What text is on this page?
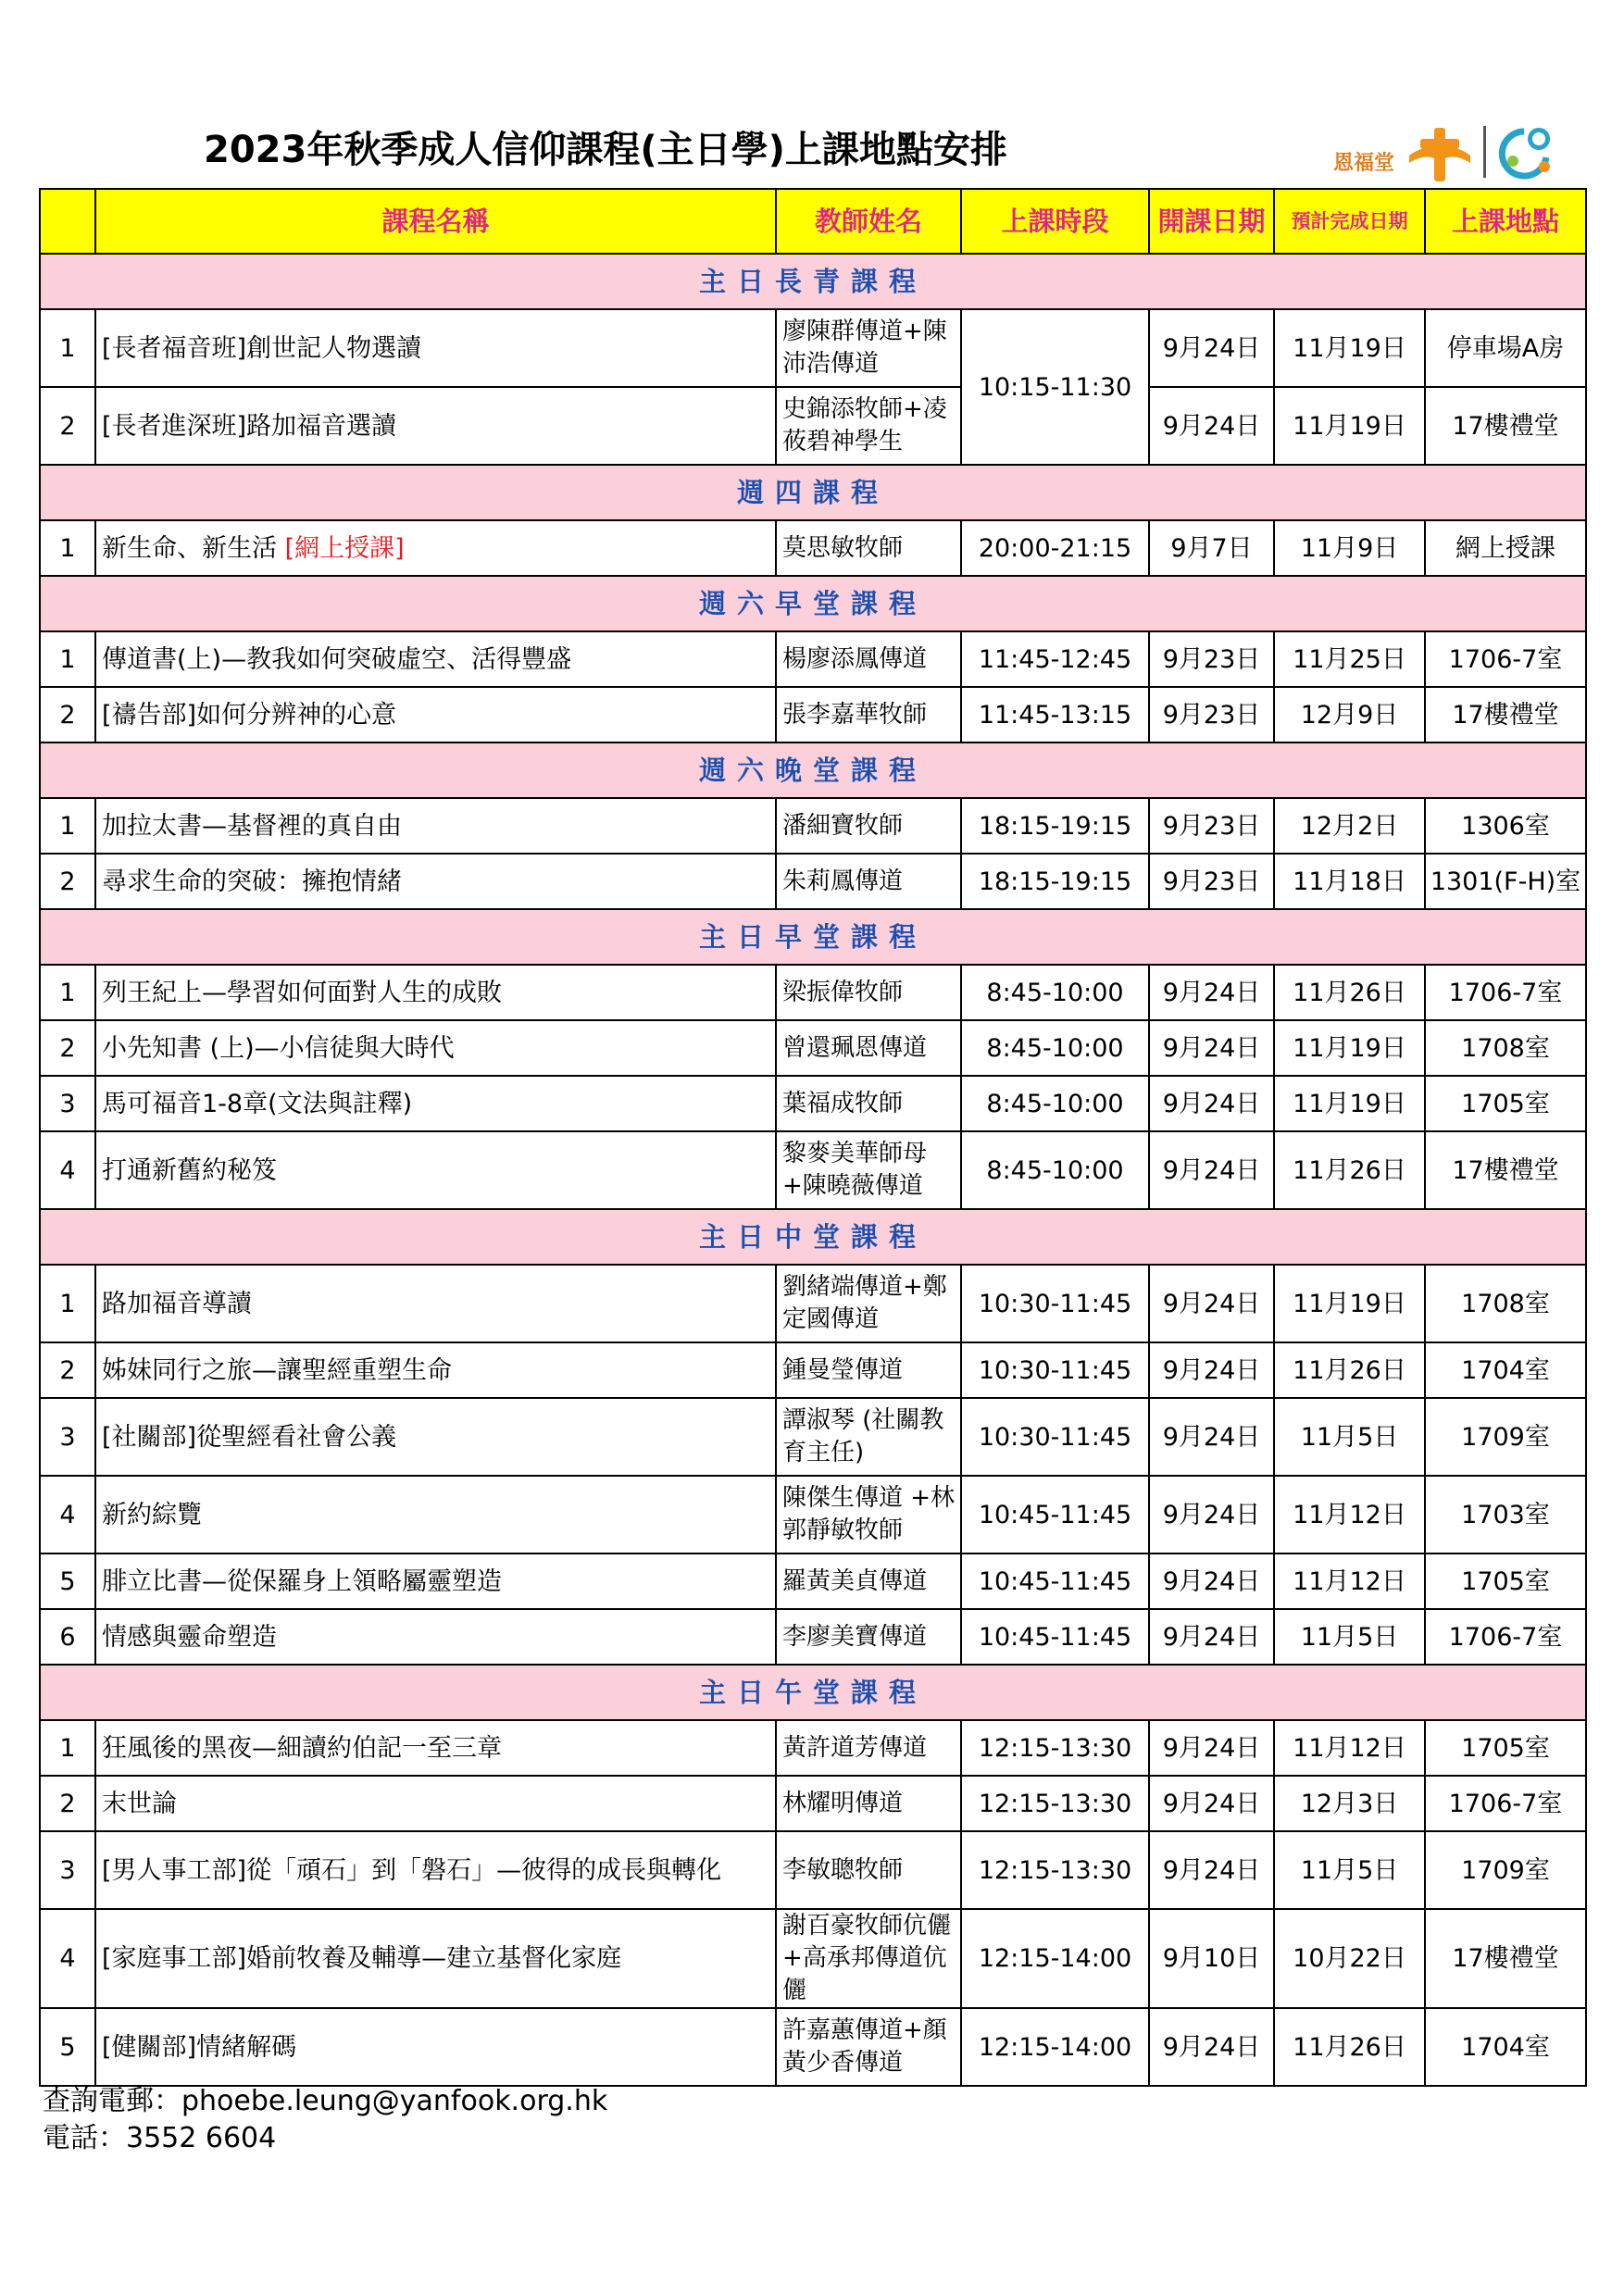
2023年秋季成人信仰課程(主日學)上課地點安排	恩福堂
	課程名稱	教師姓名	上課時段	開課日期	預計完成日期	上課地點
主日長青課程						
1	[長者福音班]創世記人物選讀	廖陳群傳道+陳沛浩傳道	10:15-11:30	9月24日	11月19日	停車場A房
2	[長者進深班]路加福音選讀	史錦添牧師+凌莜碧神學生		9月24日	11月19日	17樓禮堂
週四課程						
1	新生命、新生活 [網上授課]	莫思敏牧師	20:00-21:15	9月7日	11月9日	網上授課
週六早堂課程						
1	傳道書(上)—教我如何突破虛空、活得豐盛	楊廖添鳳傳道	11:45-12:45	9月23日	11月25日	1706-7室
2	[禱告部]如何分辨神的心意	張李嘉華牧師	11:45-13:15	9月23日	12月9日	17樓禮堂
週六晚堂課程						
1	加拉太書—基督裡的真自由	潘細寶牧師	18:15-19:15	9月23日	12月2日	1306室
2	尋求生命的突破：擁抱情緒	朱莉鳳傳道	18:15-19:15	9月23日	11月18日	1301(F-H)室
主日早堂課程						
1	列王紀上—學習如何面對人生的成敗	梁振偉牧師	8:45-10:00	9月24日	11月26日	1706-7室
2	小先知書 (上)—小信徒與大時代	曾還珮恩傳道	8:45-10:00	9月24日	11月19日	1708室
3	馬可福音1-8章(文法與註釋)	葉福成牧師	8:45-10:00	9月24日	11月19日	1705室
4	打通新舊約秘笈	黎麥美華師母+陳曉薇傳道	8:45-10:00	9月24日	11月26日	17樓禮堂
主日中堂課程						
1	路加福音導讀	劉緒端傳道+鄭定國傳道	10:30-11:45	9月24日	11月19日	1708室
2	姊妹同行之旅—讓聖經重塑生命	鍾曼瑩傳道	10:30-11:45	9月24日	11月26日	1704室
3	[社關部]從聖經看社會公義	譚淑琴 (社關教育主任)	10:30-11:45	9月24日	11月5日	1709室
4	新約綜覽	陳傑生傳道 +林郭靜敏牧師	10:45-11:45	9月24日	11月12日	1703室
5	腓立比書—從保羅身上領略屬靈塑造	羅黃美貞傳道	10:45-11:45	9月24日	11月12日	1705室
6	情感與靈命塑造	李廖美寶傳道	10:45-11:45	9月24日	11月5日	1706-7室
主日午堂課程						
1	狂風後的黑夜—細讀約伯記一至三章	黃許道芳傳道	12:15-13:30	9月24日	11月12日	1705室
2	末世論	林耀明傳道	12:15-13:30	9月24日	12月3日	1706-7室
3	[男人事工部]從「頑石」到「磐石」—彼得的成長與轉化	李敏聰牧師	12:15-13:30	9月24日	11月5日	1709室
4	[家庭事工部]婚前牧養及輔導—建立基督化家庭	謝百豪牧師伉儷+高承邦傳道伉儷	12:15-14:00	9月10日	10月22日	17樓禮堂
5	[健關部]情緒解碼	許嘉蕙傳道+顏黃少香傳道	12:15-14:00	9月24日	11月26日	1704室
查詢電郵：phoebe.leung@yanfook.org.hk
電話：3552 6604
